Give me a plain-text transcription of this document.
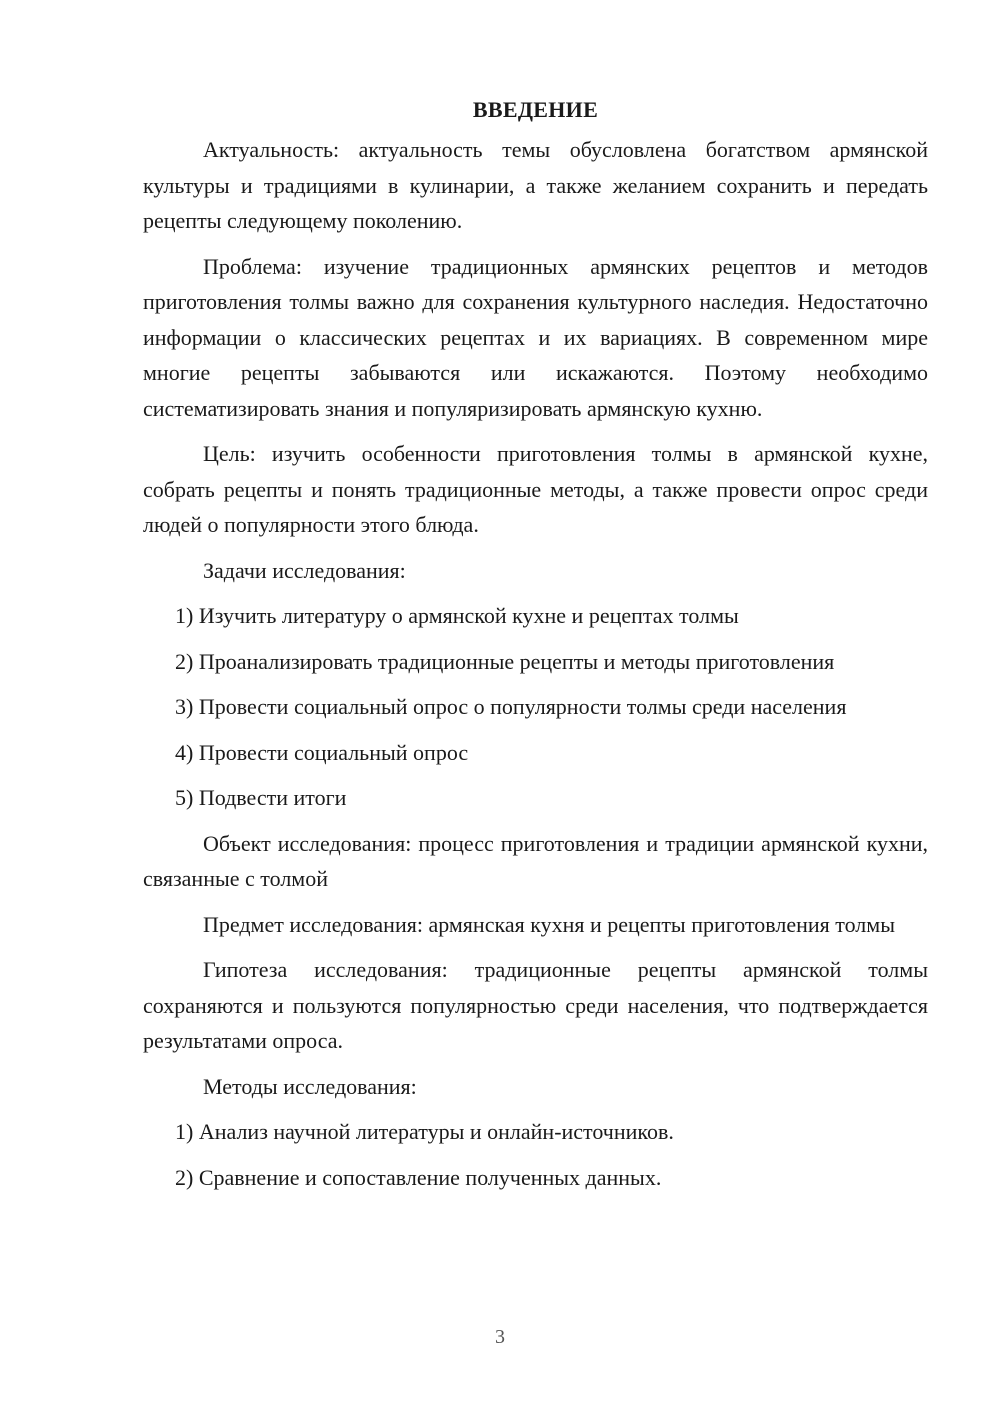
ВВЕДЕНИЕ

Актуальность: актуальность темы обусловлена богатством армянской культуры и традициями в кулинарии, а также желанием сохранить и передать рецепты следующему поколению.

Проблема: изучение традиционных армянских рецептов и методов приготовления толмы важно для сохранения культурного наследия. Недостаточно информации о классических рецептах и их вариациях. В современном мире многие рецепты забываются или искажаются. Поэтому необходимо систематизировать знания и популяризировать армянскую кухню.

Цель: изучить особенности приготовления толмы в армянской кухне, собрать рецепты и понять традиционные методы, а также провести опрос среди людей о популярности этого блюда.

Задачи исследования:

1) Изучить литературу о армянской кухне и рецептах толмы

2) Проанализировать традиционные рецепты и методы приготовления

3) Провести социальный опрос о популярности толмы среди населения

4) Провести социальный опрос

5) Подвести итоги

Объект исследования: процесс приготовления и традиции армянской кухни, связанные с толмой

Предмет исследования: армянская кухня и рецепты приготовления толмы

Гипотеза исследования: традиционные рецепты армянской толмы сохраняются и пользуются популярностью среди населения, что подтверждается результатами опроса.

Методы исследования:

1) Анализ научной литературы и онлайн-источников.

2) Сравнение и сопоставление полученных данных.

3
